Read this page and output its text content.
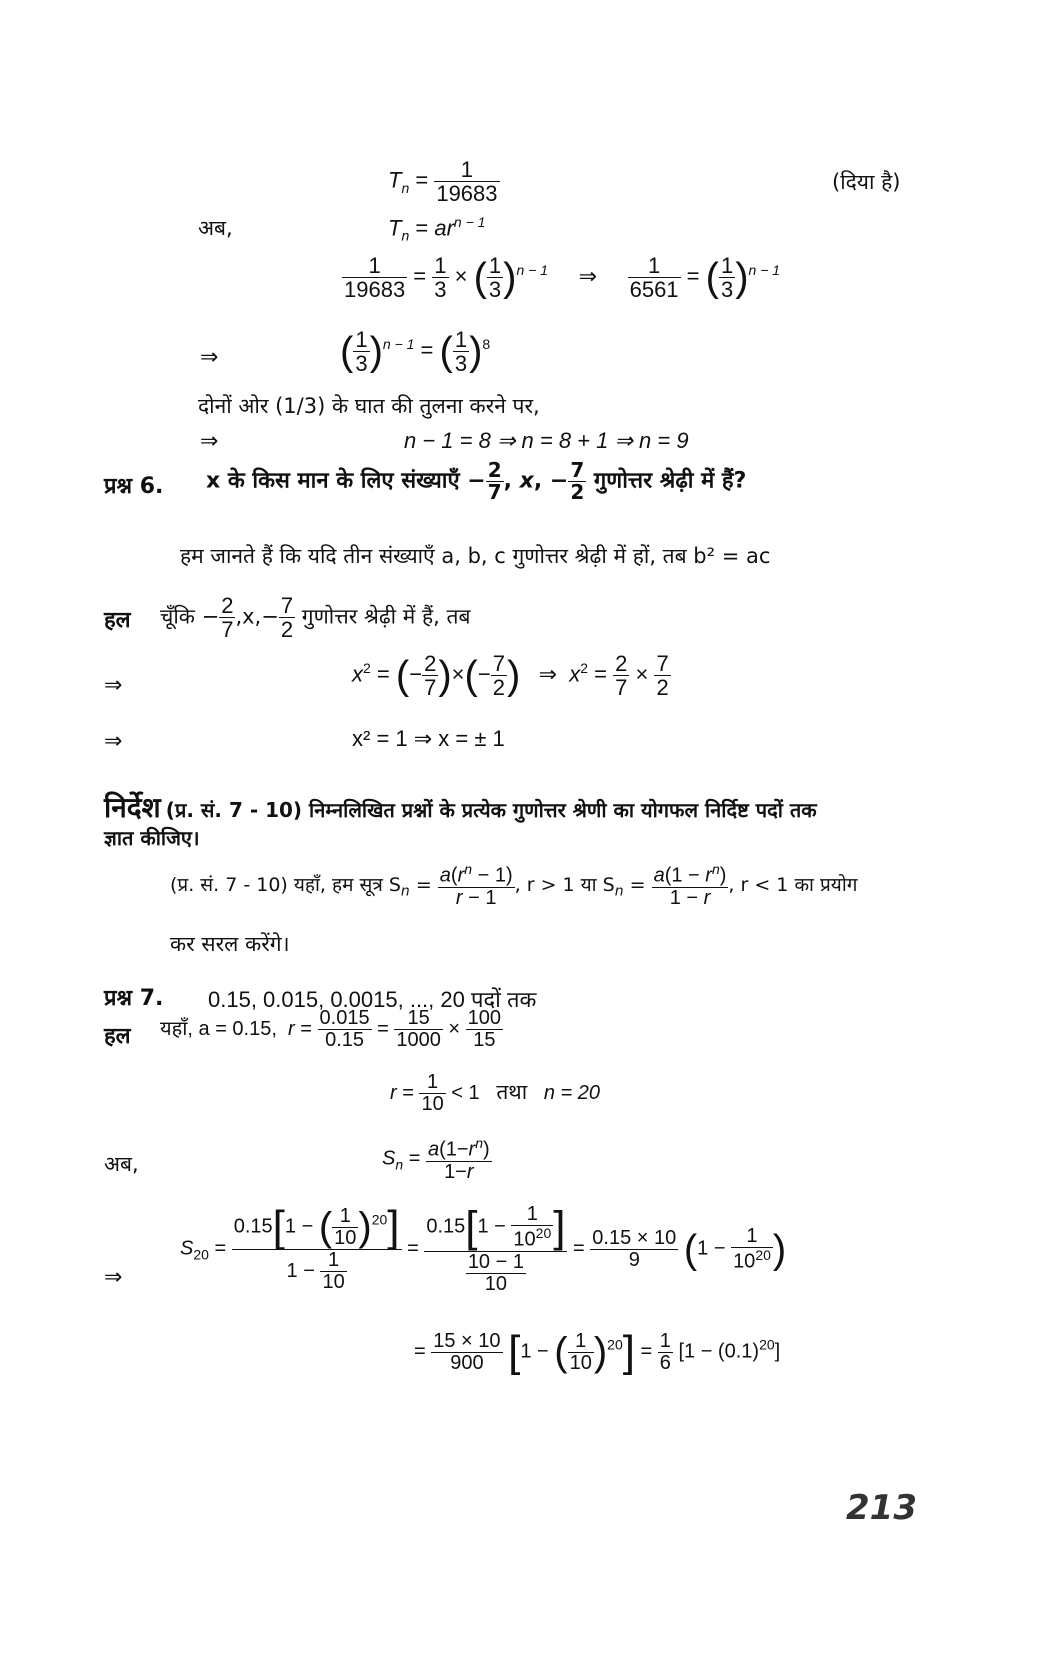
$T_n = \frac{1}{19683}$	(दिया है)
अब,	$T_n = ar^{n - 1}$
$\frac{1}{19683} = \frac{1}{3}$ × ( $\frac{1}{3} )^{n - 1}$     ⇒ $\frac{1}{6561}$ = ( $\frac{1}{3} )^{n - 1}$
⇒	( $\frac{1}{3} )^{n - 1}$ = ( $\frac{1}{3} )^8$
दोनों ओर (1/3) के घात की तुलना करने पर,
⇒	n − 1 = 8 ⇒ n = 8 + 1 ⇒ n = 9
प्रश्न 6. x के किस मान के लिए संख्याएँ − $\frac{2}{7}$ , x, − $\frac{7}{2}$ गुणोत्तर श्रेढ़ी में हैं?
हम जानते हैं कि यदि तीन संख्याएँ a, b, c गुणोत्तर श्रेढ़ी में हों, तब b² = ac
हल चूँकि − $\frac{2}{7} ,x,- \frac{7}{2}$ गुणोत्तर श्रेढ़ी में हैं, तब
⇒	$x^2$ = (− $\frac{2}{7}$ )×(− $\frac{7}{2}$ )   ⇒  $x^2 = \frac{2}{7} \times \frac{7}{2}$
⇒	x² = 1 ⇒ x = ± 1
निर्देश (प्र. सं. 7 - 10) निम्नलिखित प्रश्नों के प्रत्येक गुणोत्तर श्रेणी का योगफल निर्दिष्ट पदों तक
ज्ञात कीजिए।
(प्र. सं. 7 - 10) यहाँ, हम सूत्र $S_n = \frac{a(r^n - 1)}{r - 1}$ , r > 1 या $S_n = \frac{a(1 - r^n)}{1 - r}$ , r < 1 का प्रयोग
कर सरल करेंगे।
प्रश्न 7. 0.15, 0.015, 0.0015, ..., 20 पदों तक
हल यहाँ, a = 0.15, $r = \frac{0.015}{0.15} = \frac{15}{1000} \times \frac{100}{15}$
$r = \frac{1}{10} < 1$   तथा n = 20
अब,	$S_n = \frac{a(1-r^n)}{1-r}$
⇒
$S_{20} = \frac{0.15[1 - ( \frac{1}{10} )^{20}]}{1 - \frac{1}{10}} = \frac{0.15[1 - \frac{1}{10^{20}} ]}{\frac{10 - 1}{10}} = \frac{0.15 \times 10}{9} (1 - \frac{1}{10^{20}}$ )
= $\frac{15 \times 10}{900} [1$ − ( $\frac{1}{10} )^{20}] = \frac{1}{6} [1 - (0.1)^{20}]$
213
